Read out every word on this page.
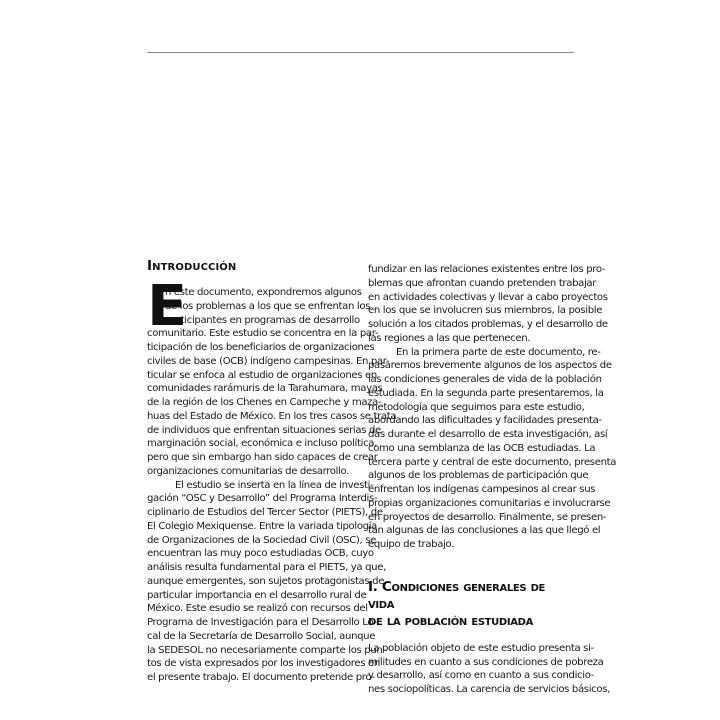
Introducción
E
n este documento, expondremos algunos
de los problemas a los que se enfrentan los
participantes en programas de desarrollo
comunitario. Este estudio se concentra en la par-
ticipación de los beneficiarios de organizaciones
civiles de base (OCB) indígeno campesinas. En par-
ticular se enfoca al estudio de organizaciones en
comunidades rarámuris de la Tarahumara, mayas
de la región de los Chenes en Campeche y maza-
huas del Estado de México. En los tres casos se trata
de individuos que enfrentan situaciones serias de
marginación social, económica e incluso política,
pero que sin embargo han sido capaces de crear
organizaciones comunitarias de desarrollo.
El estudio se inserta en la línea de investi-
gación “OSC y Desarrollo” del Programa Interdis-
ciplinario de Estudios del Tercer Sector (PIETS), de
El Colegio Mexiquense. Entre la variada tipología
de Organizaciones de la Sociedad Civil (OSC), se
encuentran las muy poco estudiadas OCB, cuyo
análisis resulta fundamental para el PIETS, ya que,
aunque emergentes, son sujetos protagonistas de
particular importancia en el desarrollo rural de
México. Este esudio se realizó con recursos del
Programa de Investigación para el Desarrollo Lo-
cal de la Secretaría de Desarrollo Social, aunque
la SEDESOL no necesariamente comparte los pun-
tos de vista expresados por los investigadores en
el presente trabajo. El documento pretende pro-
fundizar en las relaciones existentes entre los pro-
blemas que afrontan cuando pretenden trabajar
en actividades colectivas y llevar a cabo proyectos
en los que se involucren sus miembros, la posible
solución a los citados problemas, y el desarrollo de
las regiones a las que pertenecen.
En la primera parte de este documento, re-
pasaremos brevemente algunos de los aspectos de
las condiciones generales de vida de la población
estudiada. En la segunda parte presentaremos, la
metodología que seguimos para este estudio,
abordando las dificultades y facilidades presenta-
das durante el desarrollo de esta investigación, así
como una semblanza de las OCB estudiadas. La
tercera parte y central de este documento, presenta
algunos de los problemas de participación que
enfrentan los indígenas campesinos al crear sus
propias organizaciones comunitarias e involucrarse
en proyectos de desarrollo. Finalmente, se presen-
tan algunas de las conclusiones a las que llegó el
equipo de trabajo.
I. Condiciones generales de vida
de la población estudiada
La población objeto de este estudio presenta si-
militudes en cuanto a sus condiciones de pobreza
y desarrollo, así como en cuanto a sus condicio-
nes sociopolíticas. La carencia de servicios básicos,
